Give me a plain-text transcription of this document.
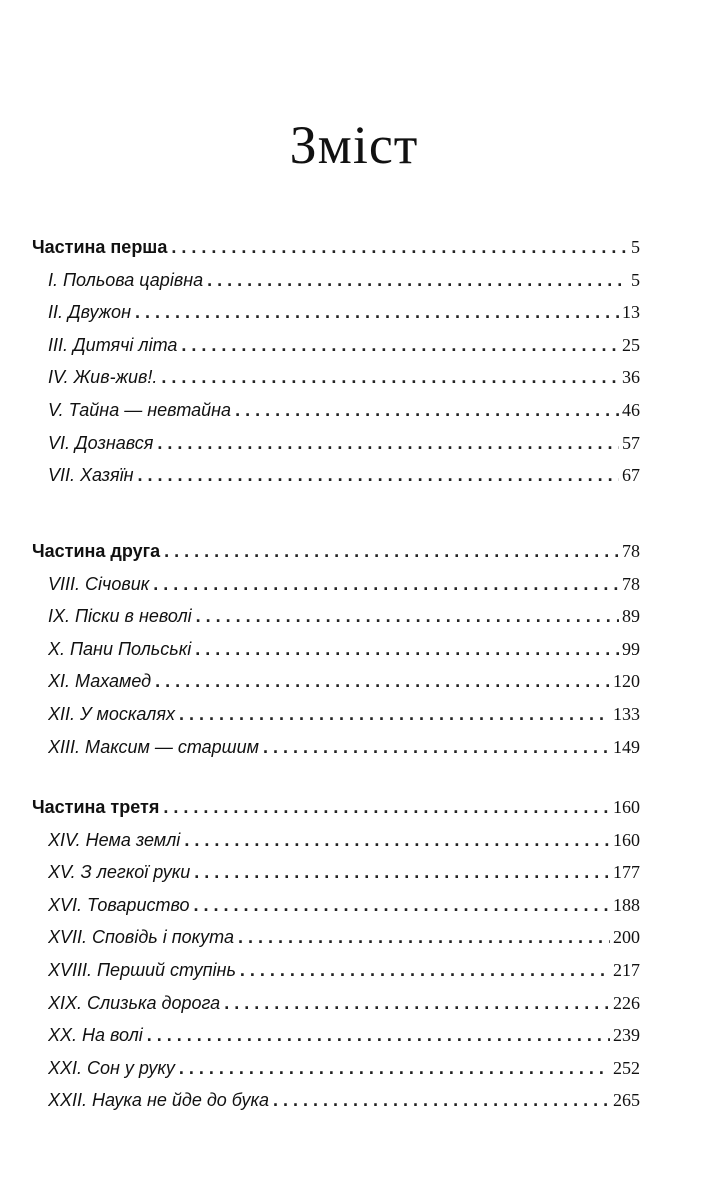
Зміст
Частина перша . . .	5
I. Польова царівна . . .	5
II. Двужон . . .	13
III. Дитячі літа . . .	25
IV. Жив-жив!. . . .	36
V. Тайна — невтайна . . .	46
VI. Дознався . . .	57
VII. Хазяїн . . .	67
Частина друга . . .	78
VIII. Січовик . . .	78
IX. Піски в неволі . . .	89
X. Пани Польські . . .	99
XI. Махамед . . .	120
XII. У москалях . . .	133
XIII. Максим — старшим . . .	149
Частина третя . . .	160
XIV. Нема землі . . .	160
XV. З легкої руки . . .	177
XVI. Товариство . . .	188
XVII. Сповідь і покута . . .	200
XVIII. Перший ступінь . . .	217
XIX. Слизька дорога . . .	226
XX. На волі . . .	239
XXI. Сон у руку . . .	252
XXII. Наука не йде до бука . . .	265
